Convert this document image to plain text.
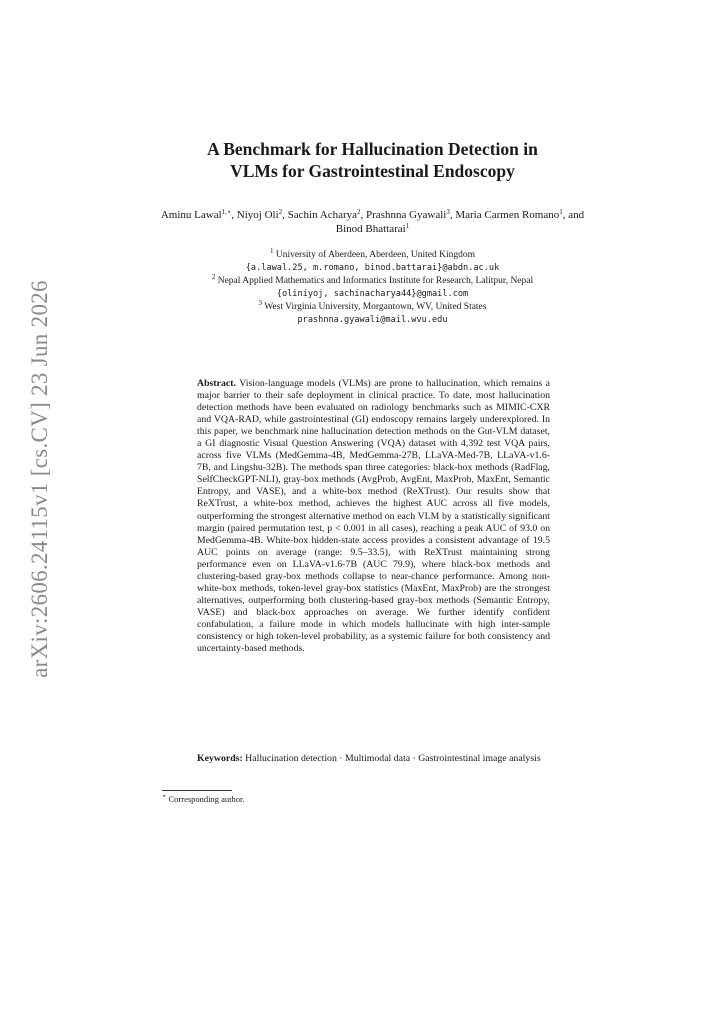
arXiv:2606.24115v1 [cs.CV] 23 Jun 2026
A Benchmark for Hallucination Detection in
VLMs for Gastrointestinal Endoscopy
Aminu Lawal$^{1,⋆}$, Niyoj Oli$^2$, Sachin Acharya$^2$, Prashnna Gyawali$^3$, Maria Carmen Romano$^1$, and Binod Bhattarai$^1$
$^1$ University of Aberdeen, Aberdeen, United Kingdom
{a.lawal.25, m.romano, binod.battarai}@abdn.ac.uk
$^2$ Nepal Applied Mathematics and Informatics Institute for Research, Lalitpur, Nepal
{oliniyoj, sachinacharya44}@gmail.com
$^3$ West Virginia University, Morgantown, WV, United States
prashnna.gyawali@mail.wvu.edu
Abstract. Vision-language models (VLMs) are prone to hallucination, which remains a major barrier to their safe deployment in clinical practice. To date, most hallucination detection methods have been evaluated on radiology benchmarks such as MIMIC-CXR and VQA-RAD, while gastrointestinal (GI) endoscopy remains largely underexplored. In this paper, we benchmark nine hallucination detection methods on the Gut-VLM dataset, a GI diagnostic Visual Question Answering (VQA) dataset with 4,392 test VQA pairs, across five VLMs (MedGemma-4B, MedGemma-27B, LLaVA-Med-7B, LLaVA-v1.6-7B, and Lingshu-32B). The methods span three categories: black-box methods (RadFlag, SelfCheckGPT-NLI), gray-box methods (AvgProb, AvgEnt, MaxProb, MaxEnt, Semantic Entropy, and VASE), and a white-box method (ReXTrust). Our results show that ReXTrust, a white-box method, achieves the highest AUC across all five models, outperforming the strongest alternative method on each VLM by a statistically significant margin (paired permutation test, p < 0.001 in all cases), reaching a peak AUC of 93.0 on MedGemma-4B. White-box hidden-state access provides a consistent advantage of 19.5 AUC points on average (range: 9.5–33.5), with ReXTrust maintaining strong performance even on LLaVA-v1.6-7B (AUC 79.9), where black-box methods and clustering-based gray-box methods collapse to near-chance performance. Among non-white-box methods, token-level gray-box statistics (MaxEnt, MaxProb) are the strongest alternatives, outperforming both clustering-based gray-box methods (Semantic Entropy, VASE) and black-box approaches on average. We further identify confident confabulation, a failure mode in which models hallucinate with high inter-sample consistency or high token-level probability, as a systemic failure for both consistency and uncertainty-based methods.
Keywords: Hallucination detection · Multimodal data · Gastrointestinal image analysis
⋆ Corresponding author.
